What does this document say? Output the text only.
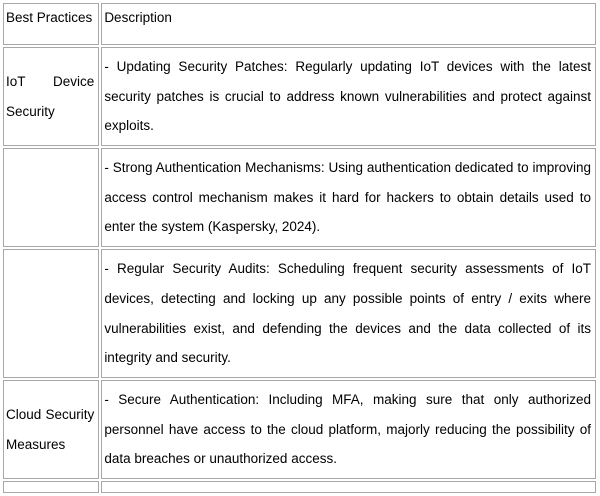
Best Practices	Description
IoT Device Security	- Updating Security Patches: Regularly updating IoT devices with the latest security patches is crucial to address known vulnerabilities and protect against exploits.
	- Strong Authentication Mechanisms: Using authentication dedicated to improving access control mechanism makes it hard for hackers to obtain details used to enter the system (Kaspersky, 2024).
	- Regular Security Audits: Scheduling frequent security assessments of IoT devices, detecting and locking up any possible points of entry / exits where vulnerabilities exist, and defending the devices and the data collected of its integrity and security.
Cloud Security Measures	- Secure Authentication: Including MFA, making sure that only authorized personnel have access to the cloud platform, majorly reducing the possibility of data breaches or unauthorized access.
